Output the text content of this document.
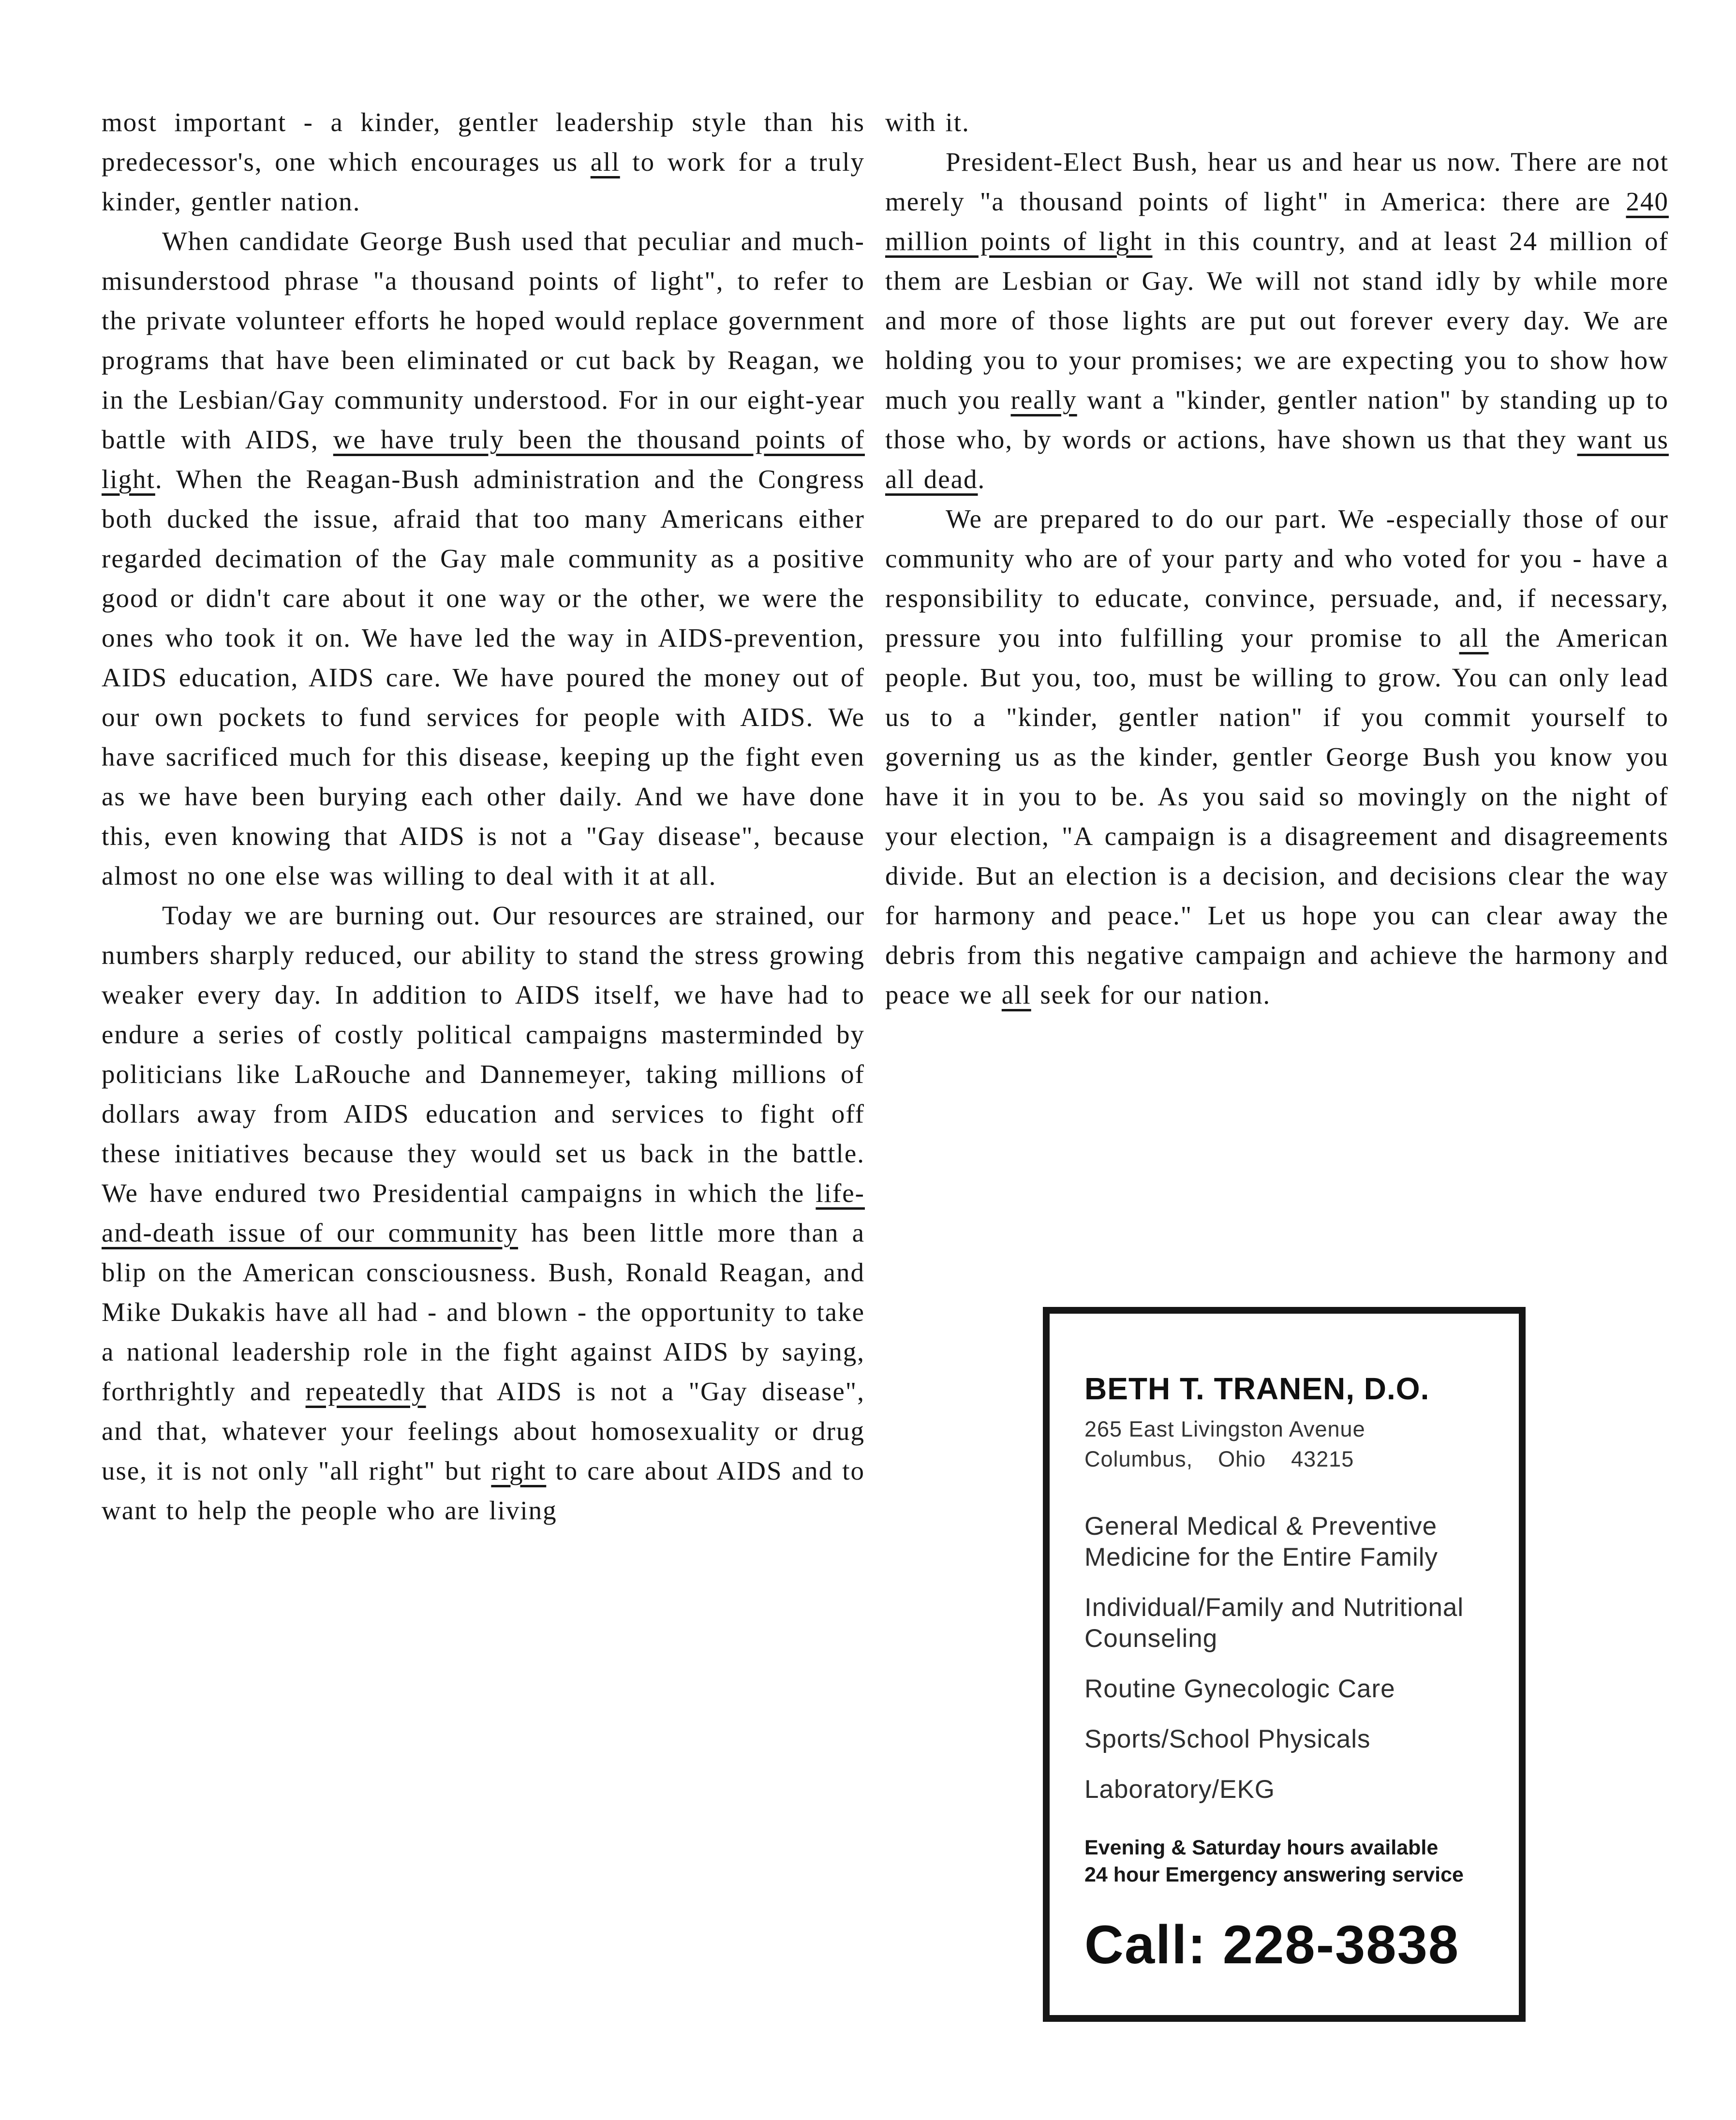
most important - a kinder, gentler leadership style than his predecessor's, one which encourages us all to work for a truly kinder, gentler nation.
When candidate George Bush used that peculiar and much-misunderstood phrase "a thousand points of light", to refer to the private volunteer efforts he hoped would replace government programs that have been eliminated or cut back by Reagan, we in the Lesbian/Gay community understood. For in our eight-year battle with AIDS, we have truly been the thousand points of light. When the Reagan-Bush administration and the Congress both ducked the issue, afraid that too many Americans either regarded decimation of the Gay male community as a positive good or didn't care about it one way or the other, we were the ones who took it on. We have led the way in AIDS-prevention, AIDS education, AIDS care. We have poured the money out of our own pockets to fund services for people with AIDS. We have sacrificed much for this disease, keeping up the fight even as we have been burying each other daily. And we have done this, even knowing that AIDS is not a "Gay disease", because almost no one else was willing to deal with it at all.
Today we are burning out. Our resources are strained, our numbers sharply reduced, our ability to stand the stress growing weaker every day. In addition to AIDS itself, we have had to endure a series of costly political campaigns masterminded by politicians like LaRouche and Dannemeyer, taking millions of dollars away from AIDS education and services to fight off these initiatives because they would set us back in the battle. We have endured two Presidential campaigns in which the life-and-death issue of our community has been little more than a blip on the American consciousness. Bush, Ronald Reagan, and Mike Dukakis have all had - and blown - the opportunity to take a national leadership role in the fight against AIDS by saying, forthrightly and repeatedly that AIDS is not a "Gay disease", and that, whatever your feelings about homosexuality or drug use, it is not only "all right" but right to care about AIDS and to want to help the people who are living
with it.
President-Elect Bush, hear us and hear us now. There are not merely "a thousand points of light" in America: there are 240 million points of light in this country, and at least 24 million of them are Lesbian or Gay. We will not stand idly by while more and more of those lights are put out forever every day. We are holding you to your promises; we are expecting you to show how much you really want a "kinder, gentler nation" by standing up to those who, by words or actions, have shown us that they want us all dead.
We are prepared to do our part. We -especially those of our community who are of your party and who voted for you - have a responsibility to educate, convince, persuade, and, if necessary, pressure you into fulfilling your promise to all the American people. But you, too, must be willing to grow. You can only lead us to a "kinder, gentler nation" if you commit yourself to governing us as the kinder, gentler George Bush you know you have it in you to be. As you said so movingly on the night of your election, "A campaign is a disagreement and disagreements divide. But an election is a decision, and decisions clear the way for harmony and peace." Let us hope you can clear away the debris from this negative campaign and achieve the harmony and peace we all seek for our nation.
BETH T. TRANEN, D.O.
265 East Livingston Avenue
Columbus, Ohio 43215
General Medical & Preventive Medicine for the Entire Family
Individual/Family and Nutritional Counseling
Routine Gynecologic Care
Sports/School Physicals
Laboratory/EKG
Evening & Saturday hours available
24 hour Emergency answering service
Call: 228-3838
